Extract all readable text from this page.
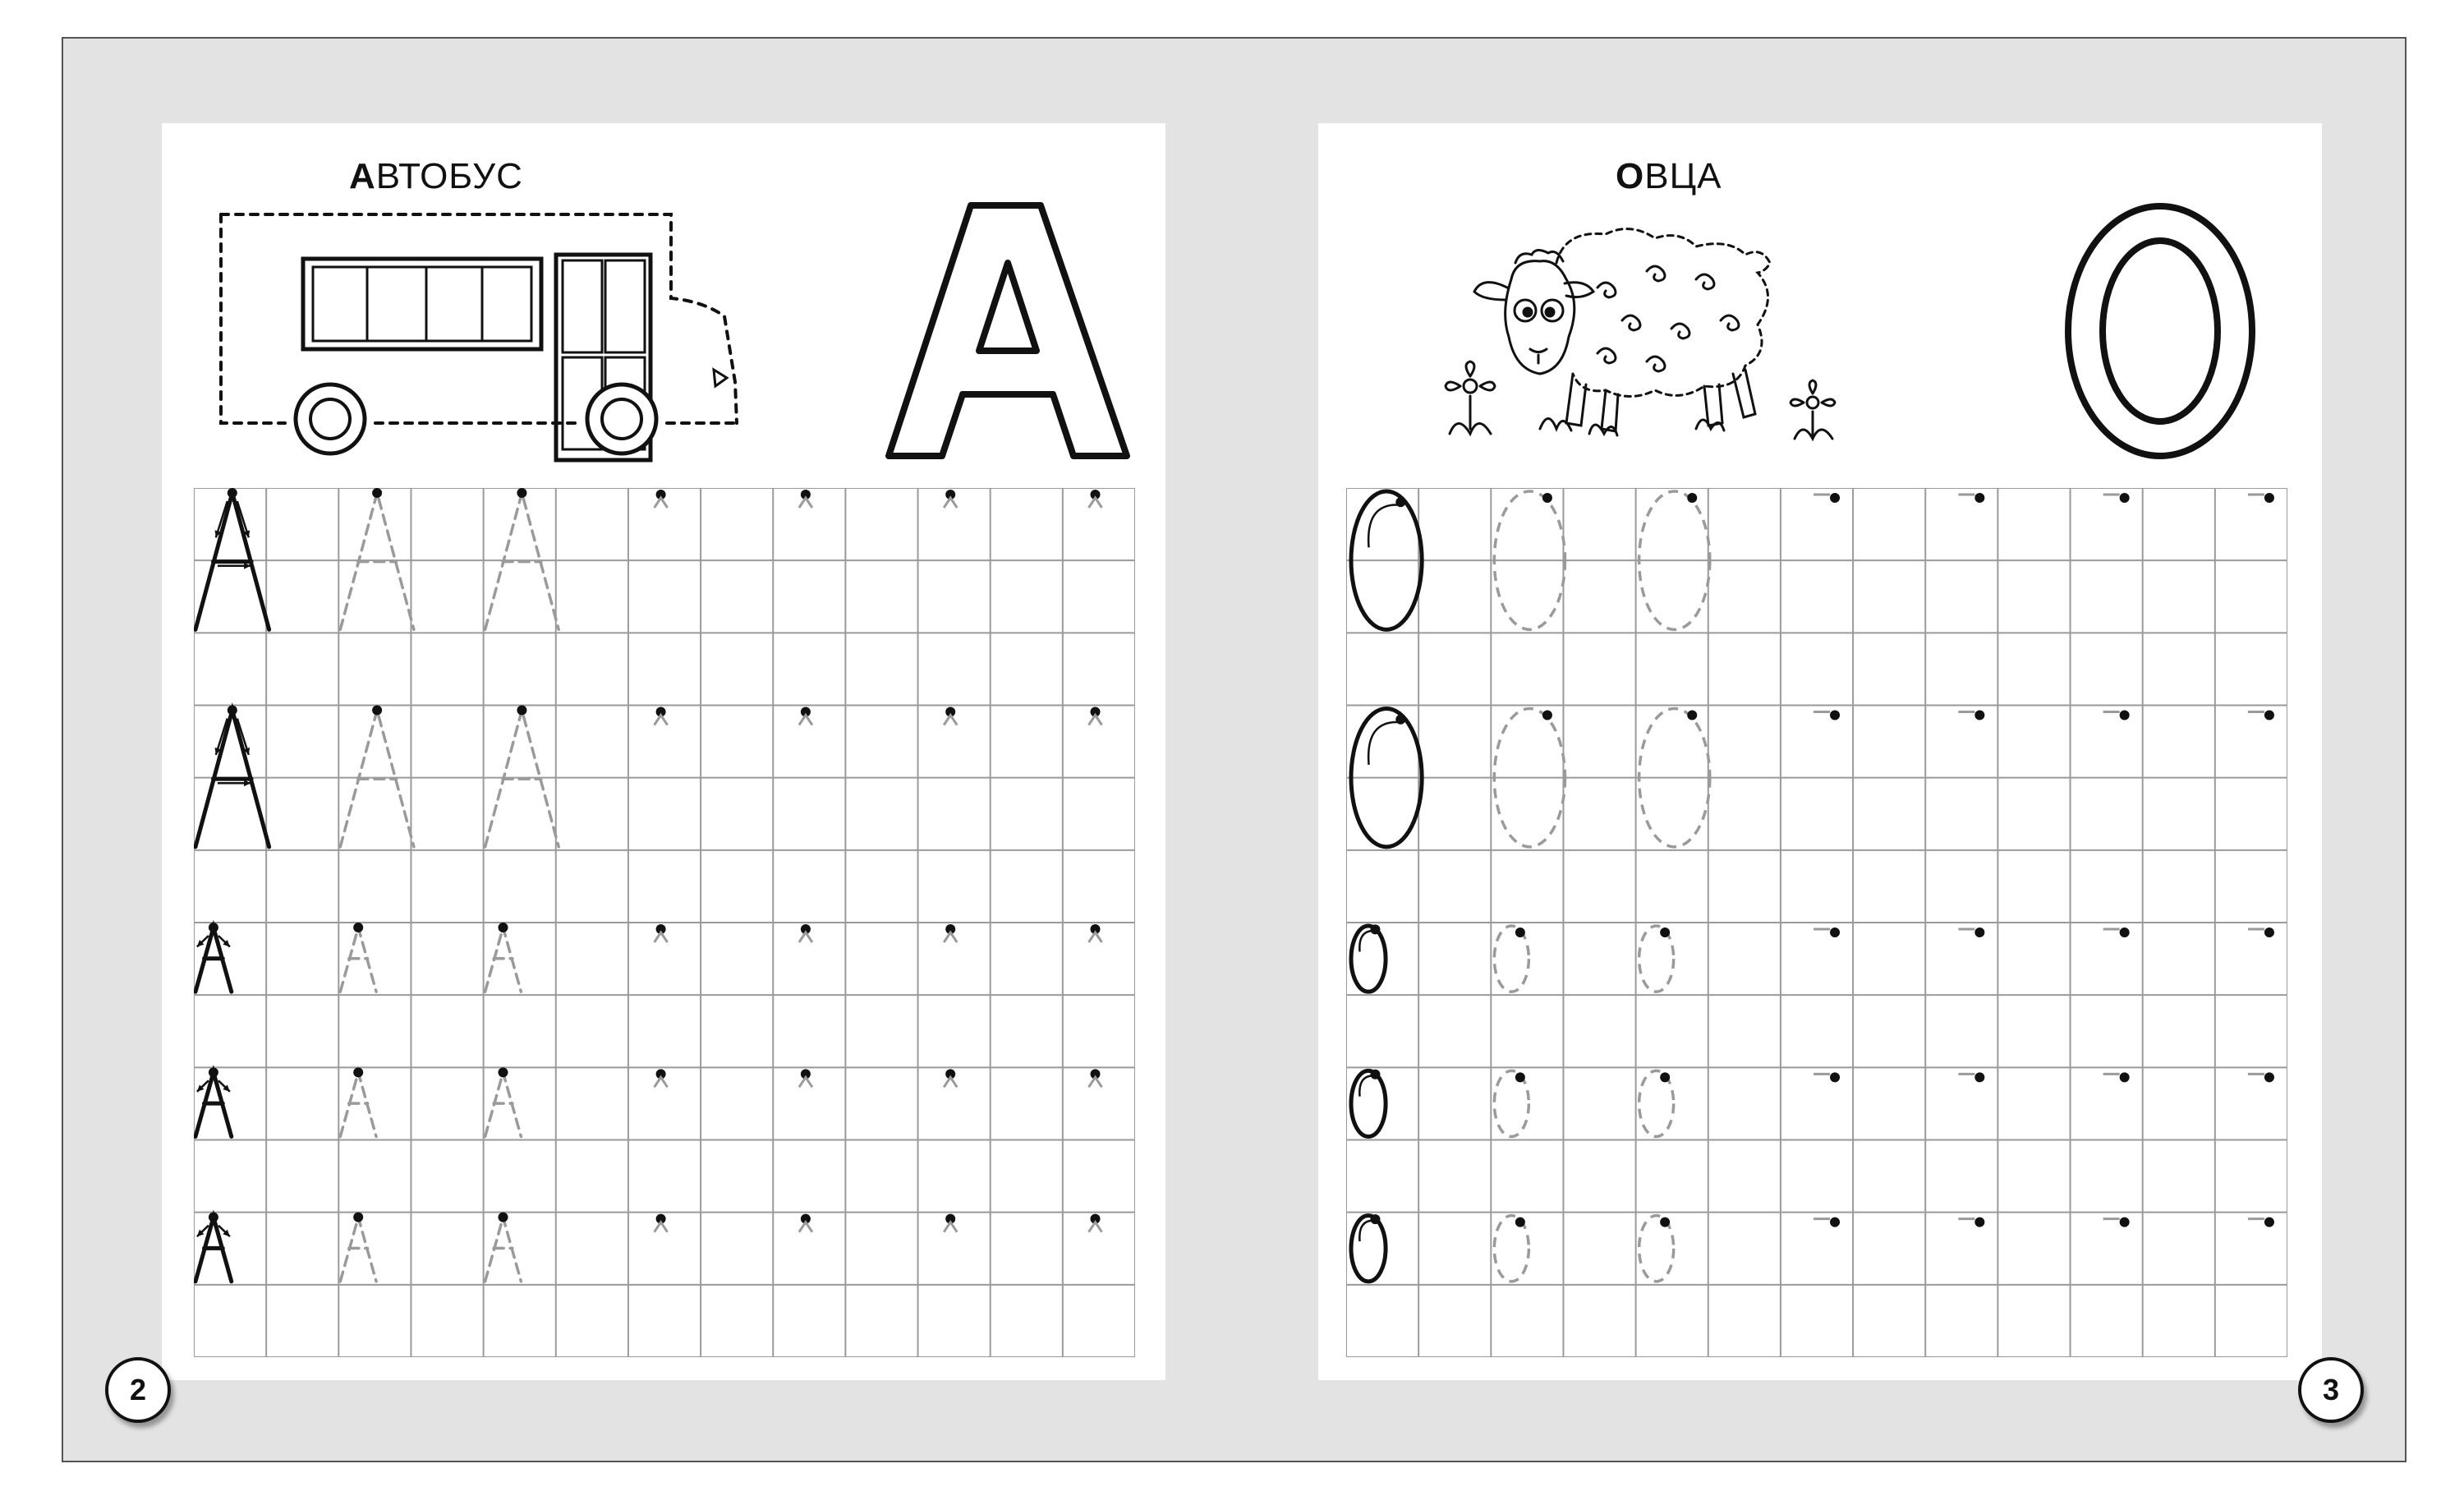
АВТОБУС	ОВЦА
2	3
